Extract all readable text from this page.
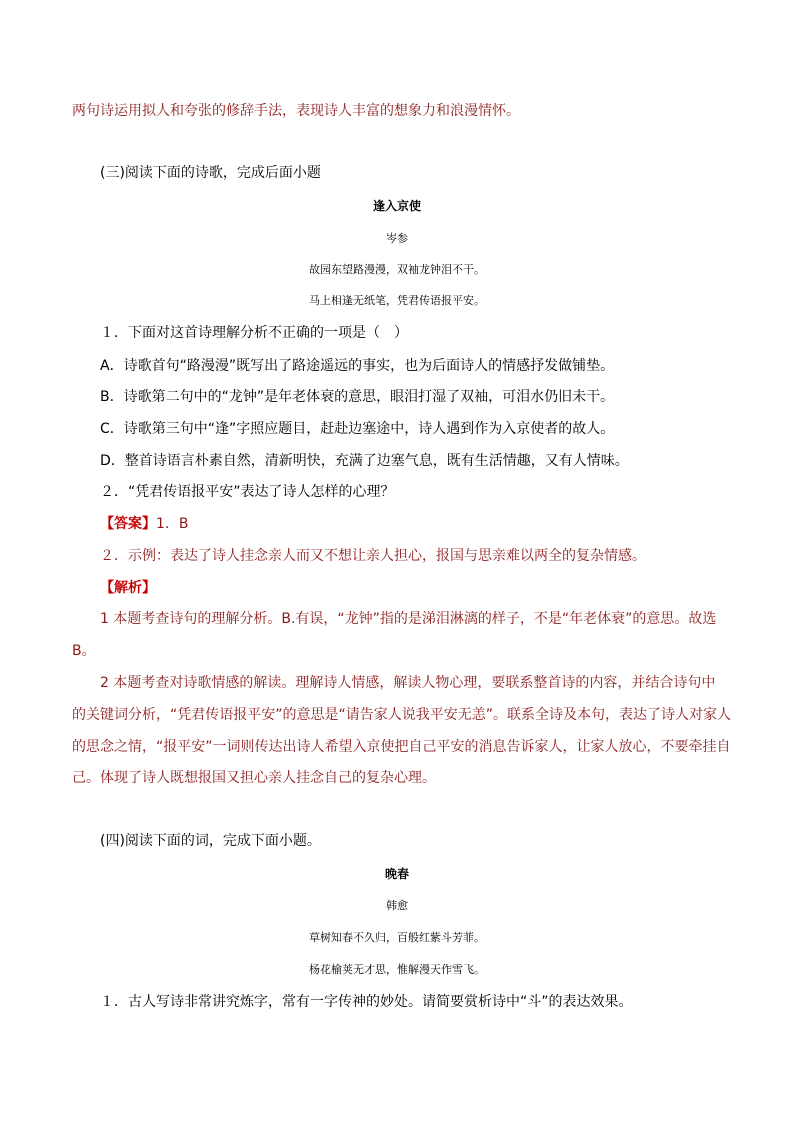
两句诗运用拟人和夸张的修辞手法，表现诗人丰富的想象力和浪漫情怀。
(三)阅读下面的诗歌，完成后面小题
逢入京使
岑参
故园东望路漫漫，双袖龙钟泪不干。
马上相逢无纸笔，凭君传语报平安。
１．下面对这首诗理解分析不正确的一项是（　）
A．诗歌首句“路漫漫”既写出了路途遥远的事实，也为后面诗人的情感抒发做铺垫。
B．诗歌第二句中的“龙钟”是年老体衰的意思，眼泪打湿了双袖，可泪水仍旧未干。
C．诗歌第三句中“逢”字照应题目，赶赴边塞途中，诗人遇到作为入京使者的故人。
D．整首诗语言朴素自然，清新明快，充满了边塞气息，既有生活情趣，又有人情味。
２．“凭君传语报平安”表达了诗人怎样的心理？
【答案】1．B
２．示例：表达了诗人挂念亲人而又不想让亲人担心，报国与思亲难以两全的复杂情感。
【解析】
1 本题考查诗句的理解分析。B.有误，“龙钟”指的是涕泪淋漓的样子，不是“年老体衰”的意思。故选
B。
2 本题考查对诗歌情感的解读。理解诗人情感，解读人物心理，要联系整首诗的内容，并结合诗句中
的关键词分析，“凭君传语报平安”的意思是“请告家人说我平安无恙”。联系全诗及本句，表达了诗人对家人
的思念之情，“报平安”一词则传达出诗人希望入京使把自己平安的消息告诉家人，让家人放心，不要牵挂自
己。体现了诗人既想报国又担心亲人挂念自己的复杂心理。
(四)阅读下面的词，完成下面小题。
晚春
韩愈
草树知春不久归，百般红紫斗芳菲。
杨花榆荚无才思，惟解漫天作雪飞。
１．古人写诗非常讲究炼字，常有一字传神的妙处。请简要赏析诗中“斗”的表达效果。
